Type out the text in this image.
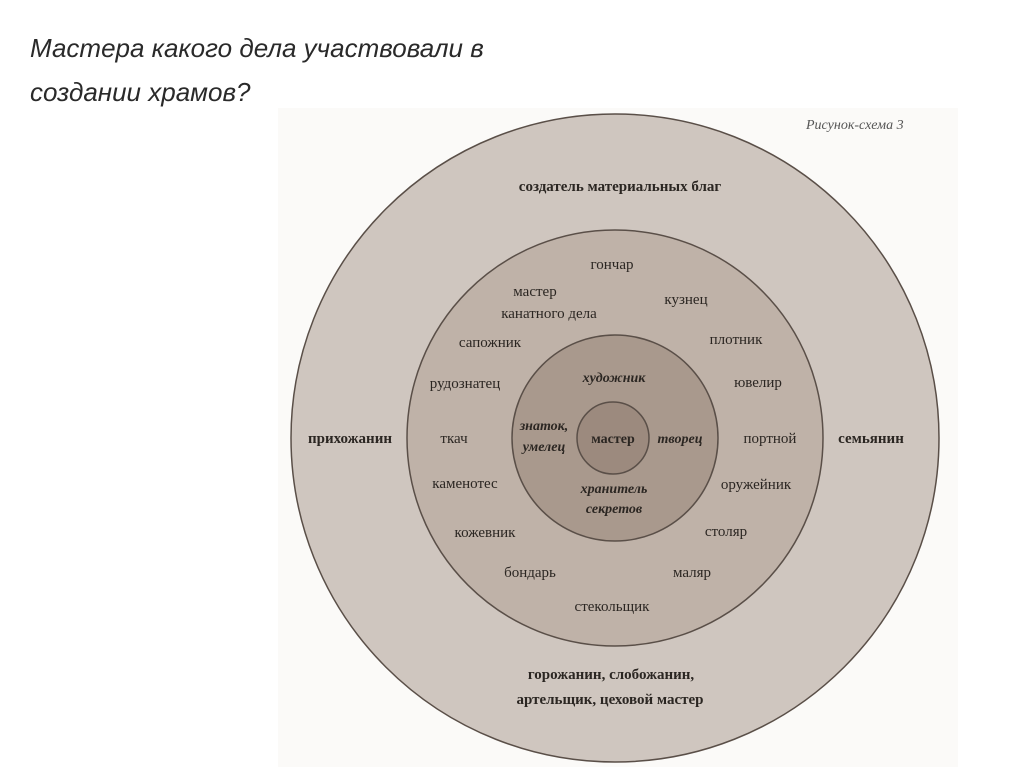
Мастера какого дела участвовали в
создании храмов?
Рисунок-схема 3
создатель материальных благ
прихожанин	семьянин
горожанин, слобожанин,
артельщик, цеховой мастер
гончар
мастер
канатного дела
кузнец
сапожник	плотник
рудознатец	ювелир
ткач	портной
каменотес	оружейник
кожевник	столяр
бондарь	маляр
стекольщик
художник
знаток,
умелец
творец
хранитель
секретов
мастер
